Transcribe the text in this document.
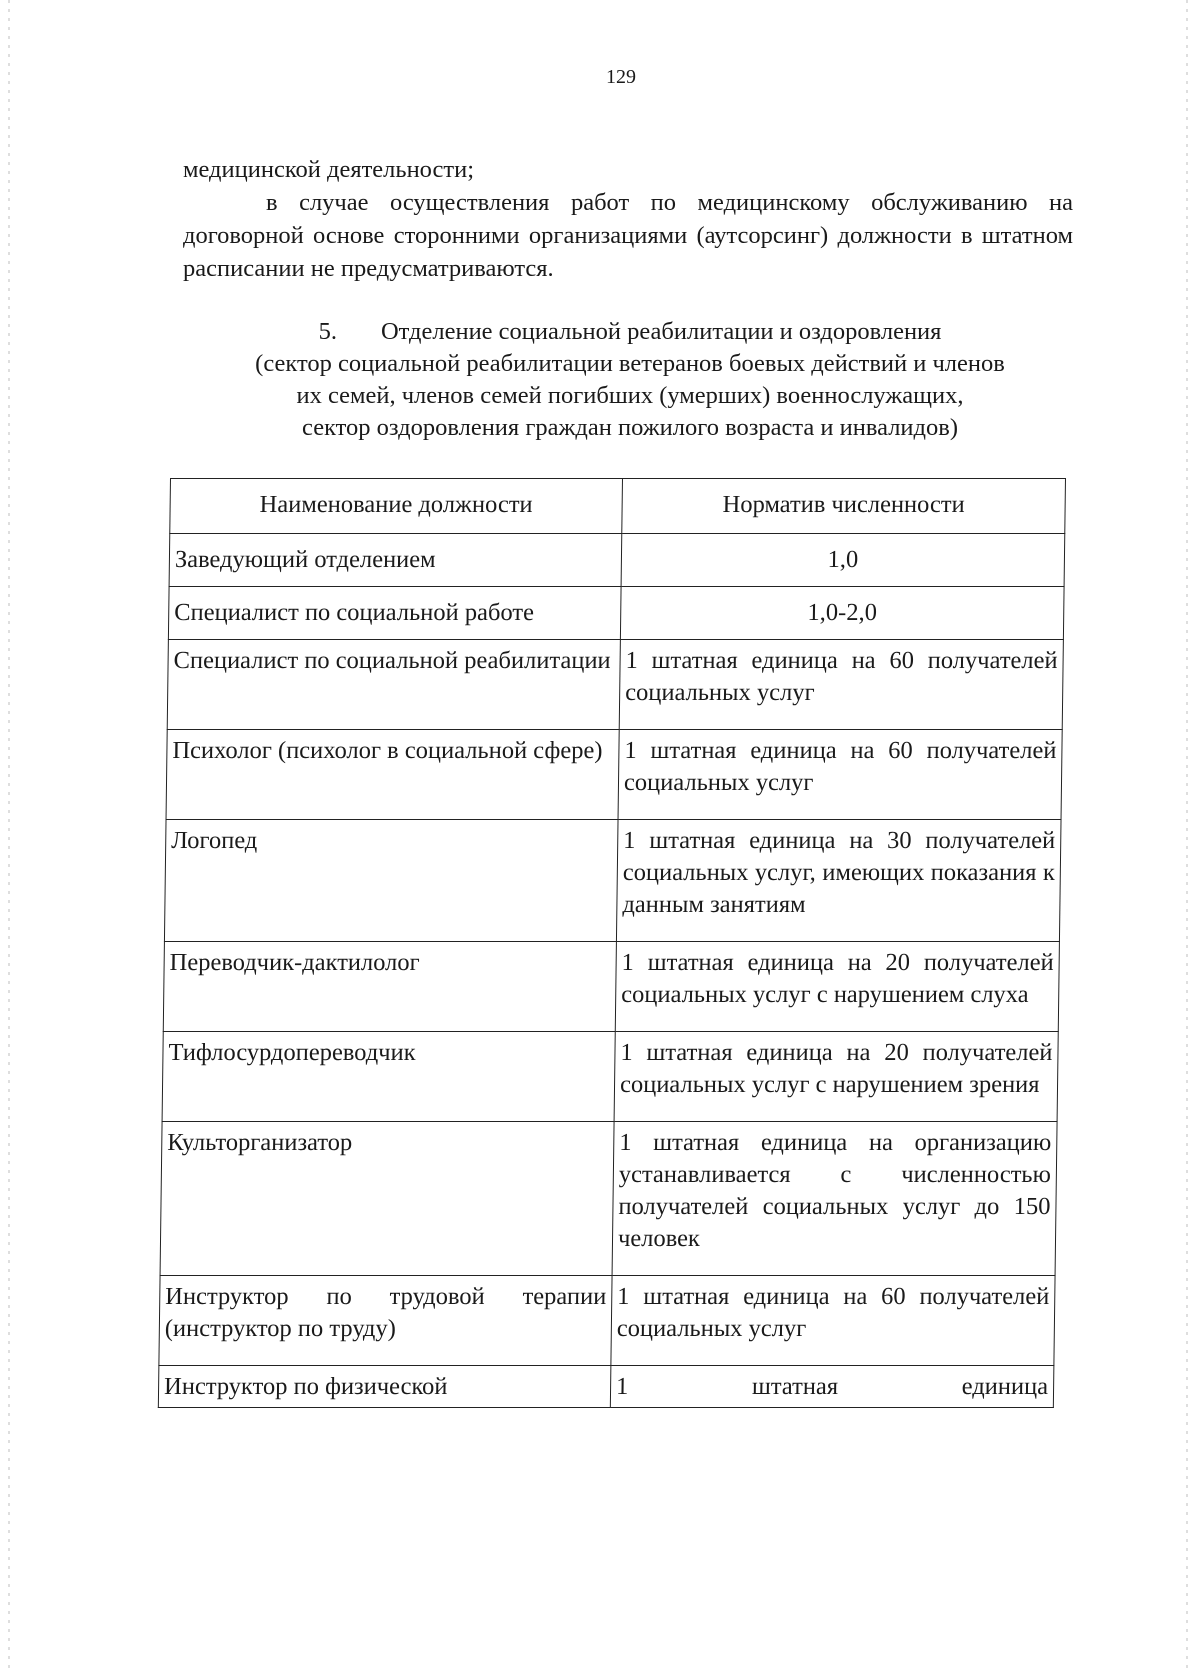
129

медицинской деятельности;

в случае осуществления работ по медицинскому обслуживанию на договорной основе сторонними организациями (аутсорсинг) должности в штатном расписании не предусматриваются.

5. Отделение социальной реабилитации и оздоровления
(сектор социальной реабилитации ветеранов боевых действий и членов
их семей, членов семей погибших (умерших) военнослужащих,
сектор оздоровления граждан пожилого возраста и инвалидов)
Наименование должности	Норматив численности
Заведующий отделением	1,0
Специалист по социальной работе	1,0-2,0
Специалист по социальной реабилитации	1 штатная единица на 60 получателей социальных услуг
Психолог (психолог в социальной сфере)	1 штатная единица на 60 получателей социальных услуг
Логопед	1 штатная единица на 30 получателей социальных услуг, имеющих показания к данным занятиям
Переводчик-дактилолог	1 штатная единица на 20 получателей социальных услуг с нарушением слуха
Тифлосурдопереводчик	1 штатная единица на 20 получателей социальных услуг с нарушением зрения
Культорганизатор	1 штатная единица на организацию устанавливается с численностью получателей социальных услуг до 150 человек
Инструктор по трудовой терапии (инструктор по труду)	1 штатная единица на 60 получателей социальных услуг
Инструктор по физической	1 штатная единица
